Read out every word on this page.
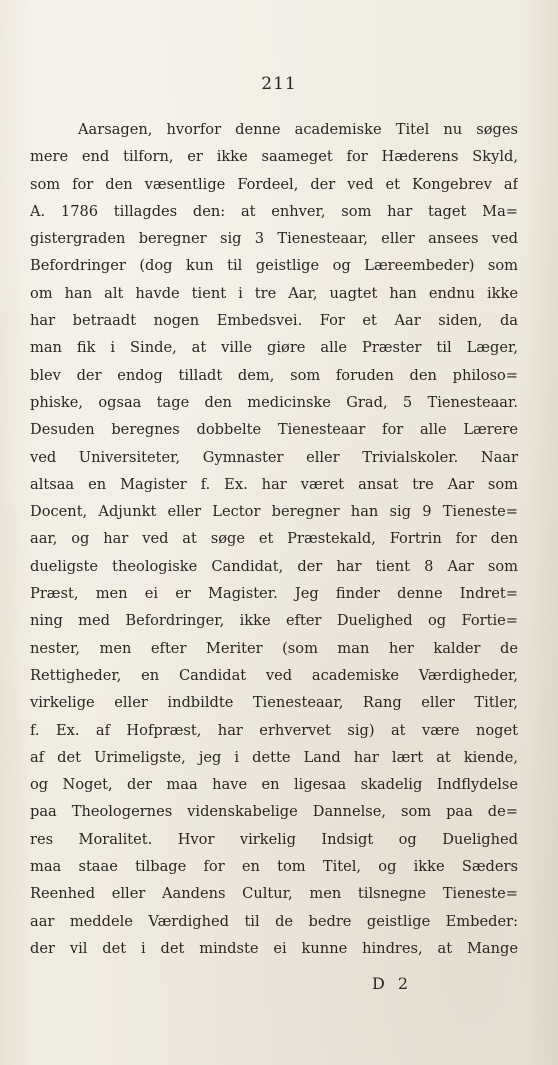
211
Aarsagen, hvorfor denne academiske Titel nu søges
mere end tilforn, er ikke saameget for Hæderens Skyld,
som for den væsentlige Fordeel, der ved et Kongebrev af
A. 1786 tillagdes den: at enhver, som har taget Ma=
gistergraden beregner sig 3 Tienesteaar, eller ansees ved
Befordringer (dog kun til geistlige og Læreembeder) som
om han alt havde tient i tre Aar, uagtet han endnu ikke
har betraadt nogen Embedsvei. For et Aar siden, da
man fik i Sinde, at ville giøre alle Præster til Læger,
blev der endog tilladt dem, som foruden den philoso=
phiske, ogsaa tage den medicinske Grad, 5 Tienesteaar.
Desuden beregnes dobbelte Tienesteaar for alle Lærere
ved Universiteter, Gymnaster eller Trivialskoler. Naar
altsaa en Magister f. Ex. har været ansat tre Aar som
Docent, Adjunkt eller Lector beregner han sig 9 Tieneste=
aar, og har ved at søge et Præstekald, Fortrin for den
dueligste theologiske Candidat, der har tient 8 Aar som
Præst, men ei er Magister. Jeg finder denne Indret=
ning med Befordringer, ikke efter Duelighed og Fortie=
nester, men efter Meriter (som man her kalder de
Rettigheder, en Candidat ved academiske Værdigheder,
virkelige eller indbildte Tienesteaar, Rang eller Titler,
f. Ex. af Hofpræst, har erhvervet sig) at være noget
af det Urimeligste, jeg i dette Land har lært at kiende,
og Noget, der maa have en ligesaa skadelig Indflydelse
paa Theologernes videnskabelige Dannelse, som paa de=
res Moralitet. Hvor virkelig Indsigt og Duelighed
maa staae tilbage for en tom Titel, og ikke Sæders
Reenhed eller Aandens Cultur, men tilsnegne Tieneste=
aar meddele Værdighed til de bedre geistlige Embeder:
der vil det i det mindste ei kunne hindres, at Mange
D 2
